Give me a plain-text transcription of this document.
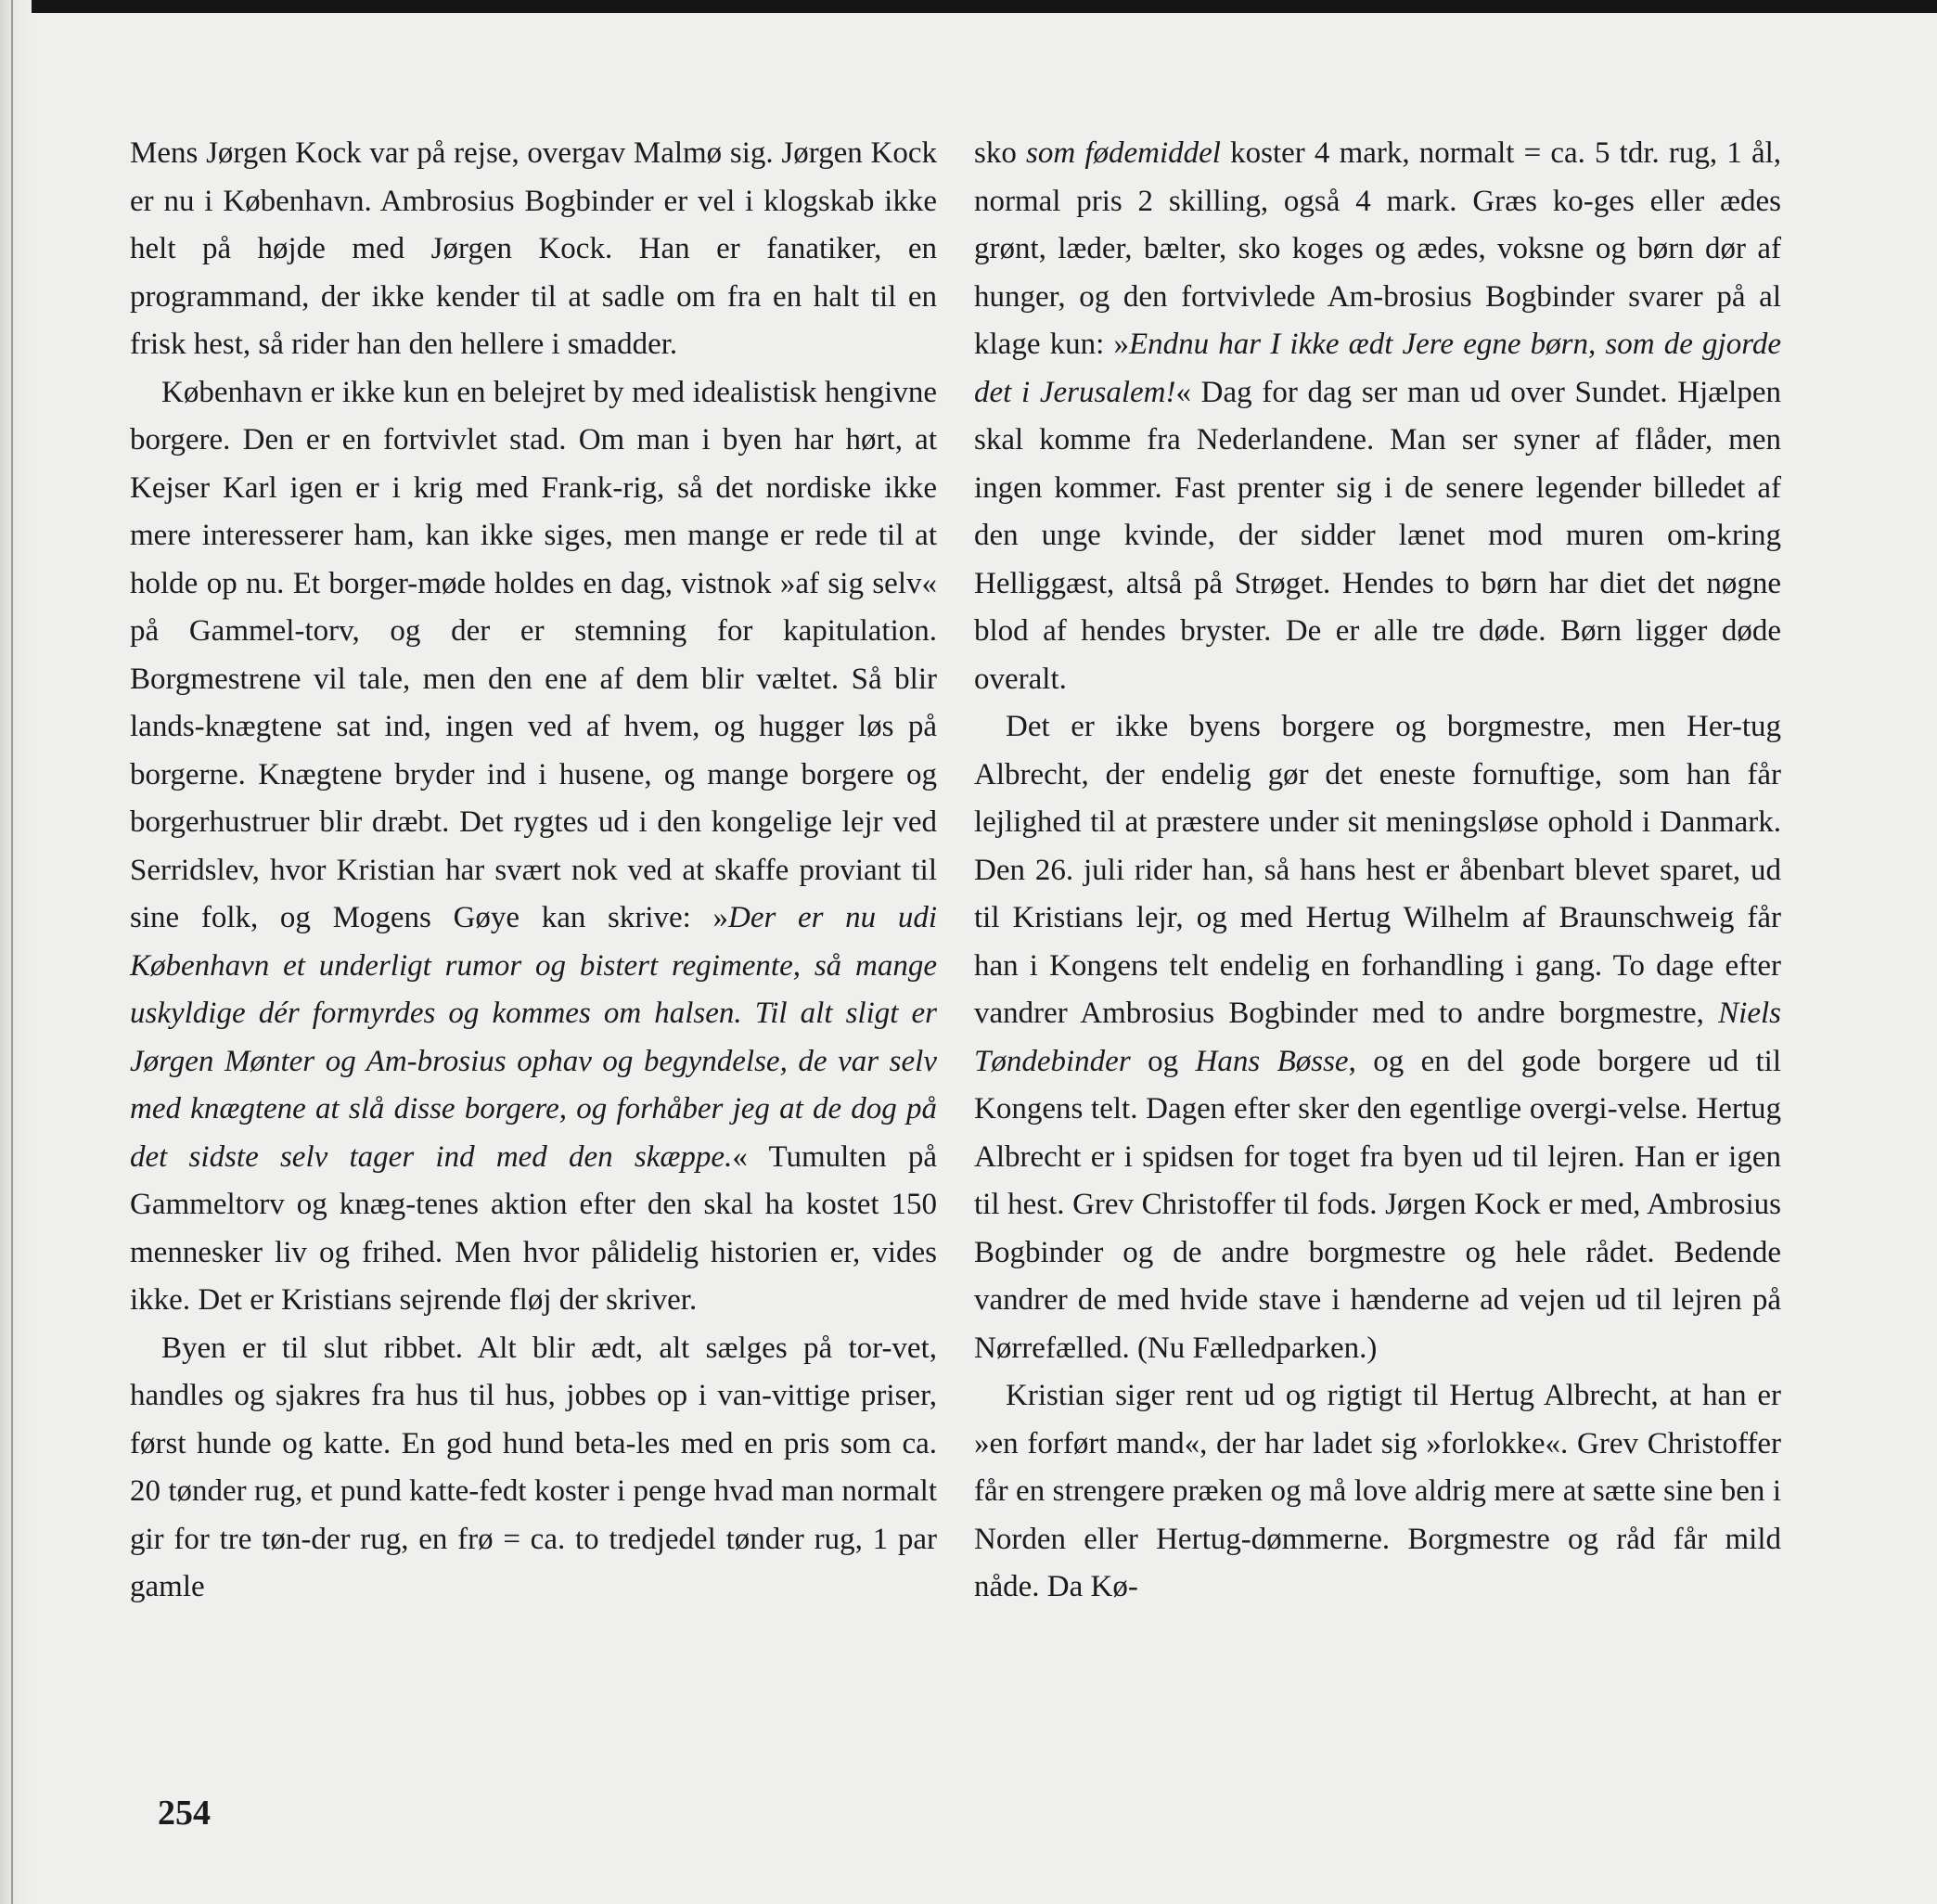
Mens Jørgen Kock var på rejse, overgav Malmø sig. Jørgen Kock er nu i København. Ambrosius Bogbinder er vel i klogskab ikke helt på højde med Jørgen Kock. Han er fanatiker, en programmand, der ikke kender til at sadle om fra en halt til en frisk hest, så rider han den hellere i smadder.

København er ikke kun en belejret by med idealistisk hengivne borgere. Den er en fortvivlet stad. Om man i byen har hørt, at Kejser Karl igen er i krig med Frank-rig, så det nordiske ikke mere interesserer ham, kan ikke siges, men mange er rede til at holde op nu. Et borger-møde holdes en dag, vistnok »af sig selv« på Gammel-torv, og der er stemning for kapitulation. Borgmestrene vil tale, men den ene af dem blir væltet. Så blir lands-knægtene sat ind, ingen ved af hvem, og hugger løs på borgerne. Knægtene bryder ind i husene, og mange borgere og borgerhustruer blir dræbt. Det rygtes ud i den kongelige lejr ved Serridslev, hvor Kristian har svært nok ved at skaffe proviant til sine folk, og Mogens Gøye kan skrive: »Der er nu udi København et underligt rumor og bistert regimente, så mange uskyldige dér formyrdes og kommes om halsen. Til alt sligt er Jørgen Mønter og Am-brosius ophav og begyndelse, de var selv med knægtene at slå disse borgere, og forhåber jeg at de dog på det sidste selv tager ind med den skæppe.« Tumulten på Gammeltorv og knæg-tenes aktion efter den skal ha kostet 150 mennesker liv og frihed. Men hvor pålidelig historien er, vides ikke. Det er Kristians sejrende fløj der skriver.

Byen er til slut ribbet. Alt blir ædt, alt sælges på tor-vet, handles og sjakres fra hus til hus, jobbes op i van-vittige priser, først hunde og katte. En god hund beta-les med en pris som ca. 20 tønder rug, et pund katte-fedt koster i penge hvad man normalt gir for tre tøn-der rug, en frø = ca. to tredjedel tønder rug, 1 par gamle

sko som fødemiddel koster 4 mark, normalt = ca. 5 tdr. rug, 1 ål, normal pris 2 skilling, også 4 mark. Græs ko-ges eller ædes grønt, læder, bælter, sko koges og ædes, voksne og børn dør af hunger, og den fortvivlede Am-brosius Bogbinder svarer på al klage kun: »Endnu har I ikke ædt Jere egne børn, som de gjorde det i Jerusalem!« Dag for dag ser man ud over Sundet. Hjælpen skal komme fra Nederlandene. Man ser syner af flåder, men ingen kommer. Fast prenter sig i de senere legender billedet af den unge kvinde, der sidder lænet mod muren om-kring Helliggæst, altså på Strøget. Hendes to børn har diet det nøgne blod af hendes bryster. De er alle tre døde. Børn ligger døde overalt.

Det er ikke byens borgere og borgmestre, men Her-tug Albrecht, der endelig gør det eneste fornuftige, som han får lejlighed til at præstere under sit meningsløse ophold i Danmark. Den 26. juli rider han, så hans hest er åbenbart blevet sparet, ud til Kristians lejr, og med Hertug Wilhelm af Braunschweig får han i Kongens telt endelig en forhandling i gang. To dage efter vandrer Ambrosius Bogbinder med to andre borgmestre, Niels Tøndebinder og Hans Bøsse, og en del gode borgere ud til Kongens telt. Dagen efter sker den egentlige overgi-velse. Hertug Albrecht er i spidsen for toget fra byen ud til lejren. Han er igen til hest. Grev Christoffer til fods. Jørgen Kock er med, Ambrosius Bogbinder og de andre borgmestre og hele rådet. Bedende vandrer de med hvide stave i hænderne ad vejen ud til lejren på Nørrefælled. (Nu Fælledparken.)

Kristian siger rent ud og rigtigt til Hertug Albrecht, at han er »en forført mand«, der har ladet sig »forlokke«. Grev Christoffer får en strengere præken og må love aldrig mere at sætte sine ben i Norden eller Hertug-dømmerne. Borgmestre og råd får mild nåde. Da Kø-

254
